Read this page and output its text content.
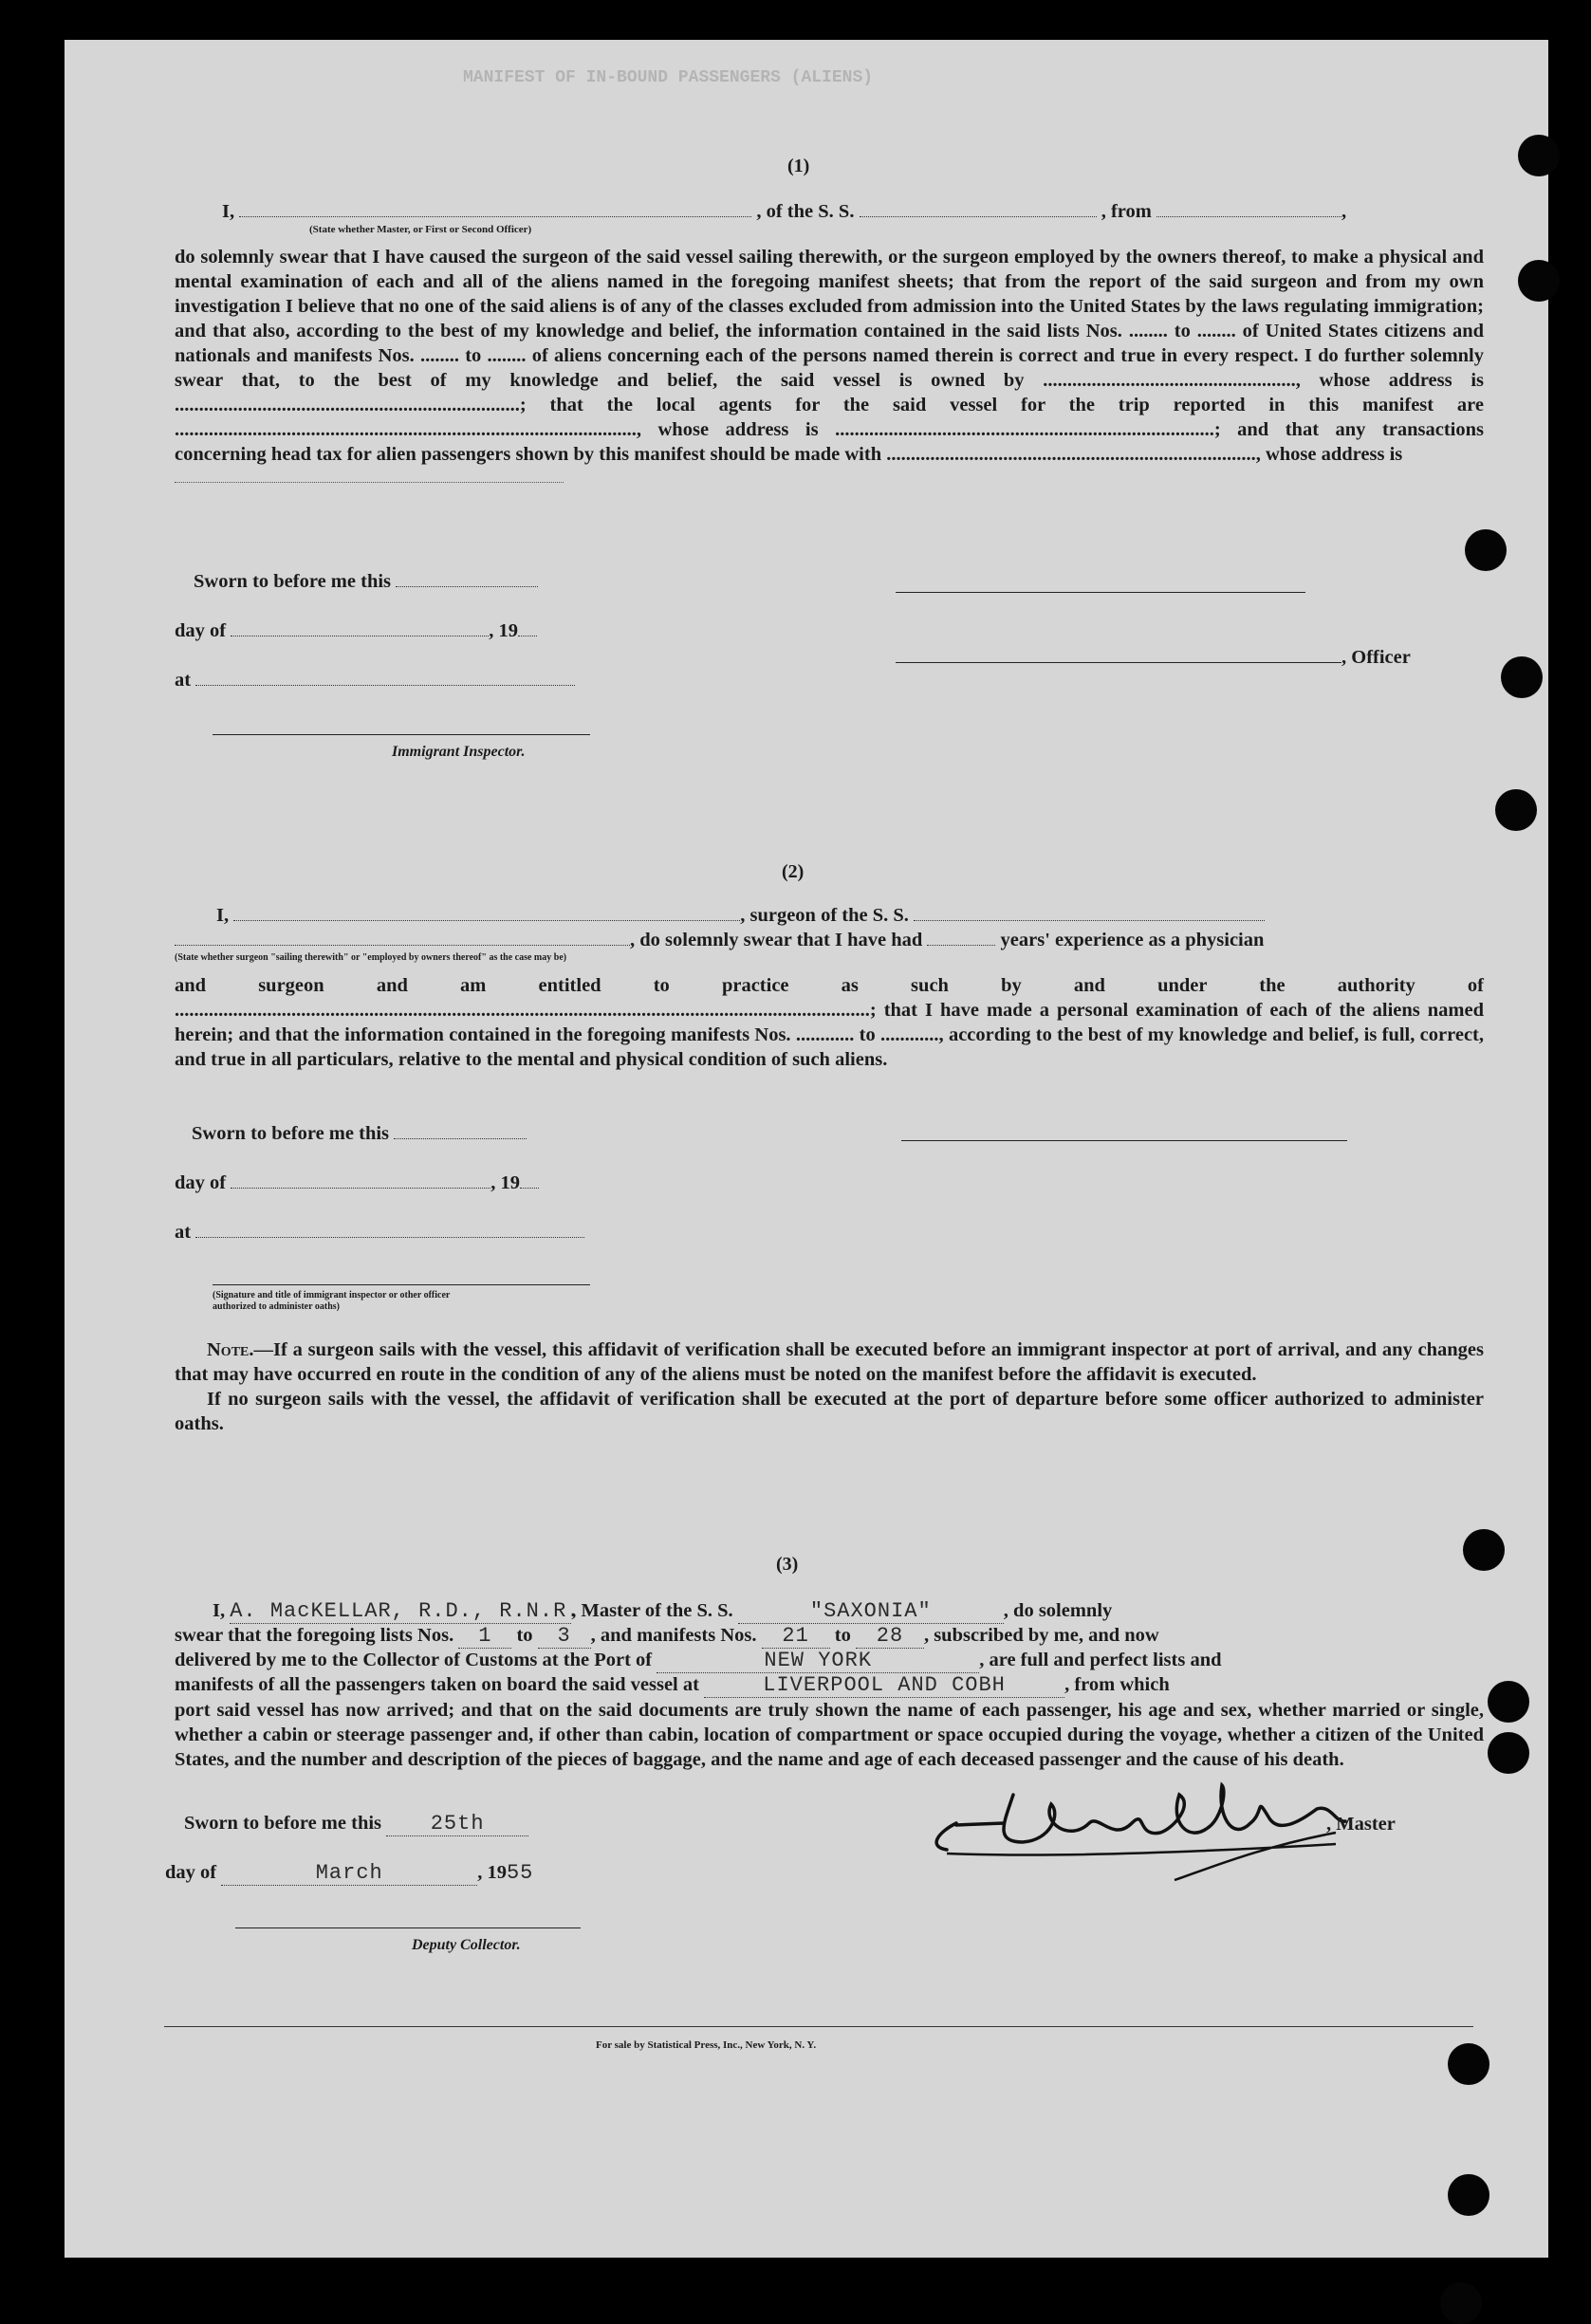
MANIFEST OF IN-BOUND PASSENGERS (ALIENS)
(1)
I,	, of the S. S.	, from	,
(State whether Master, or First or Second Officer)

do solemnly swear that I have caused the surgeon of the said vessel sailing therewith, or the surgeon employed by the owners thereof, to make a physical and mental examination of each and all of the aliens named in the foregoing manifest sheets; that from the report of the said surgeon and from my own investigation I believe that no one of the said aliens is of any of the classes excluded from admission into the United States by the laws regulating immigration; and that also, according to the best of my knowledge and belief, the information contained in the said lists Nos. ........ to ........ of United States citizens and nationals and manifests Nos. ........ to ........ of aliens concerning each of the persons named therein is correct and true in every respect. I do further solemnly swear that, to the best of my knowledge and belief, the said vessel is owned by ...................................................., whose address is .......................................................................; that the local agents for the said vessel for the trip reported in this manifest are ..............................................................................................., whose address is ..............................................................................; and that any transactions concerning head tax for alien passengers shown by this manifest should be made with ............................................................................, whose address is

Sworn to before me this
day of	, 19
, Officer
at
Immigrant Inspector.
(2)
I,	, surgeon of the S. S.
, do solemnly swear that I have had	years' experience as a physician
(State whether surgeon "sailing therewith" or "employed by owners thereof" as the case may be)

and surgeon and am entitled to practice as such by and under the authority of ...............................................................................................................................................; that I have made a personal examination of each of the aliens named herein; and that the information contained in the foregoing manifests Nos. ............ to ............, according to the best of my knowledge and belief, is full, correct, and true in all particulars, relative to the mental and physical condition of such aliens.

Sworn to before me this
day of	, 19
at
(Signature and title of immigrant inspector or other officer authorized to administer oaths)

Note.—If a surgeon sails with the vessel, this affidavit of verification shall be executed before an immigrant inspector at port of arrival, and any changes that may have occurred en route in the condition of any of the aliens must be noted on the manifest before the affidavit is executed.

If no surgeon sails with the vessel, the affidavit of verification shall be executed at the port of departure before some officer authorized to administer oaths.

(3)
I, A. MacKELLAR, R.D., R.N.R., Master of the S. S.	"SAXONIA"	, do solemnly
swear that the foregoing lists Nos. 1 to 3 , and manifests Nos. 21 to 28 , subscribed by me, and now
delivered by me to the Collector of Customs at the Port of	NEW YORK	, are full and perfect lists and
manifests of all the passengers taken on board the said vessel at	LIVERPOOL AND COBH	, from which

port said vessel has now arrived; and that on the said documents are truly shown the name of each passenger, his age and sex, whether married or single, whether a cabin or steerage passenger and, if other than cabin, location of compartment or space occupied during the voyage, whether a citizen of the United States, and the number and description of the pieces of baggage, and the name and age of each deceased passenger and the cause of his death.

Sworn to before me this 25th	, Master
day of	March	, 1955
Deputy Collector.
For sale by Statistical Press, Inc., New York, N. Y.
